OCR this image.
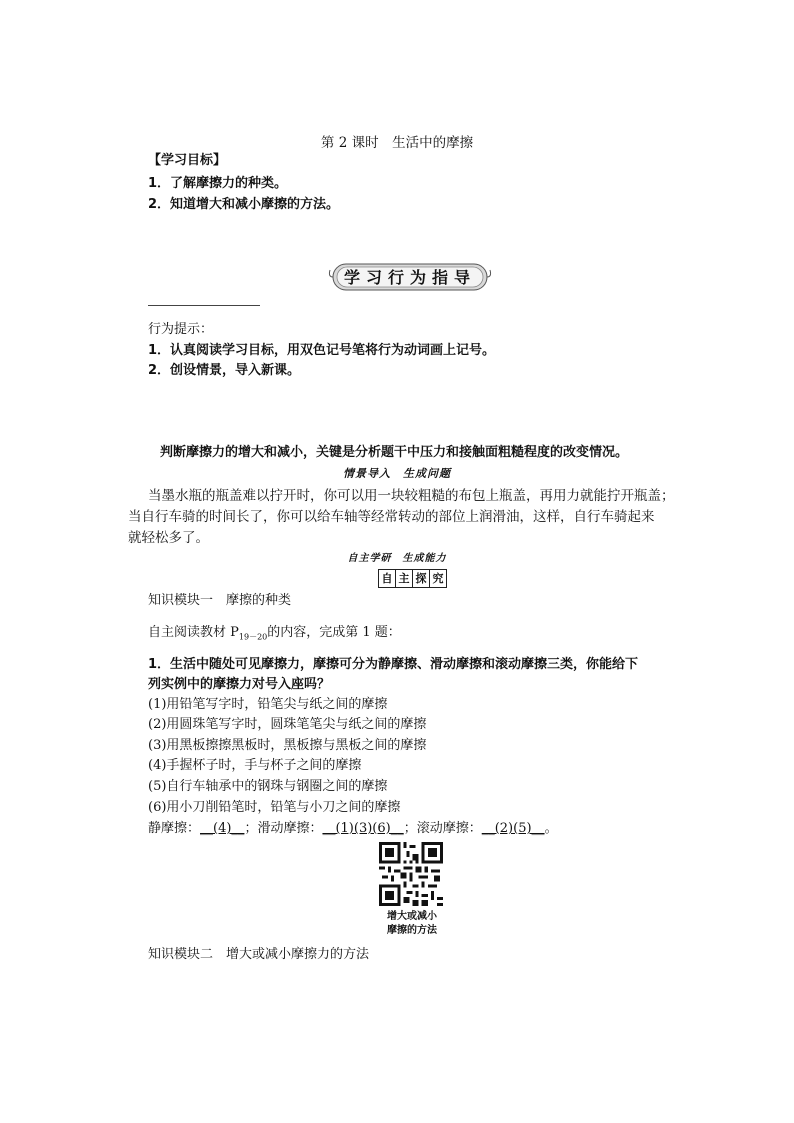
第 2 课时　生活中的摩擦
【学习目标】
1．了解摩擦力的种类。
2．知道增大和减小摩擦的方法。
学习行为指导
行为提示：
1．认真阅读学习目标，用双色记号笔将行为动词画上记号。
2．创设情景，导入新课。
判断摩擦力的增大和减小，关键是分析题干中压力和接触面粗糙程度的改变情况。
情景导入　生成问题
当墨水瓶的瓶盖难以拧开时，你可以用一块较粗糙的布包上瓶盖，再用力就能拧开瓶盖；
当自行车骑的时间长了，你可以给车轴等经常转动的部位上润滑油，这样，自行车骑起来
就轻松多了。
自主学研　生成能力
自 主 探 究
知识模块一　摩擦的种类
自主阅读教材 $P_{19-20}$的内容，完成第 1 题：
1．生活中随处可见摩擦力，摩擦可分为静摩擦、滑动摩擦和滚动摩擦三类，你能给下
列实例中的摩擦力对号入座吗？
(1)用铅笔写字时，铅笔尖与纸之间的摩擦
(2)用圆珠笔写字时，圆珠笔笔尖与纸之间的摩擦
(3)用黑板擦擦黑板时，黑板擦与黑板之间的摩擦
(4)手握杯子时，手与杯子之间的摩擦
(5)自行车轴承中的钢珠与钢圈之间的摩擦
(6)用小刀削铅笔时，铅笔与小刀之间的摩擦
静摩擦：__(4)__；滑动摩擦：__(1)(3)(6)__；滚动摩擦：__(2)(5)__。
增大或减小
摩擦的方法
知识模块二　增大或减小摩擦力的方法
